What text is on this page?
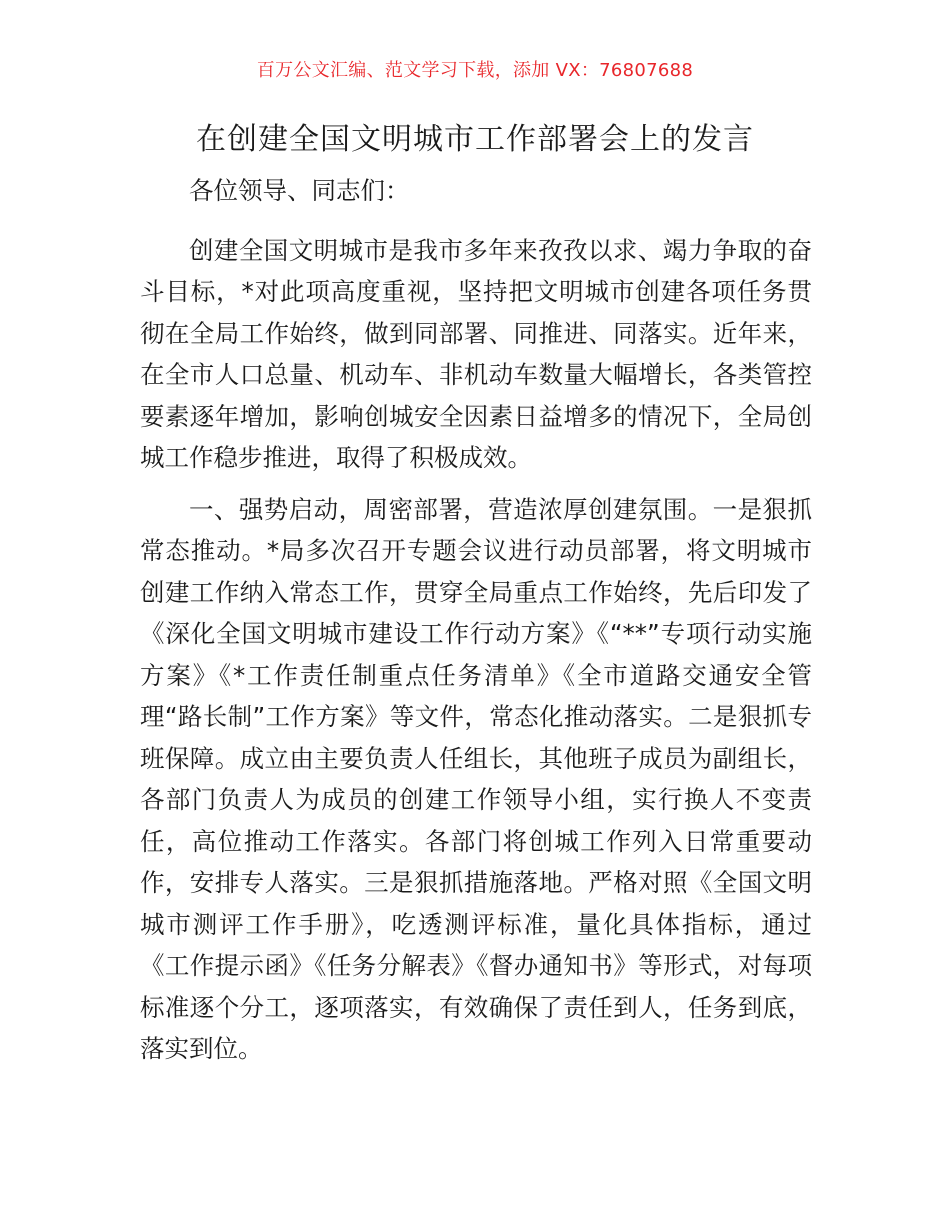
百万公文汇编、范文学习下载，添加 VX：76807688
在创建全国文明城市工作部署会上的发言

各位领导、同志们：

创建全国文明城市是我市多年来孜孜以求、竭力争取的奋斗目标，*对此项高度重视，坚持把文明城市创建各项任务贯彻在全局工作始终，做到同部署、同推进、同落实。近年来，在全市人口总量、机动车、非机动车数量大幅增长，各类管控要素逐年增加，影响创城安全因素日益增多的情况下，全局创城工作稳步推进，取得了积极成效。

一、强势启动，周密部署，营造浓厚创建氛围。一是狠抓常态推动。*局多次召开专题会议进行动员部署，将文明城市创建工作纳入常态工作，贯穿全局重点工作始终，先后印发了《深化全国文明城市建设工作行动方案》《“**”专项行动实施方案》《*工作责任制重点任务清单》《全市道路交通安全管理“路长制”工作方案》等文件，常态化推动落实。二是狠抓专班保障。成立由主要负责人任组长，其他班子成员为副组长，各部门负责人为成员的创建工作领导小组，实行换人不变责任，高位推动工作落实。各部门将创城工作列入日常重要动作，安排专人落实。三是狠抓措施落地。严格对照《全国文明城市测评工作手册》，吃透测评标准，量化具体指标，通过《工作提示函》《任务分解表》《督办通知书》等形式，对每项标准逐个分工，逐项落实，有效确保了责任到人，任务到底，落实到位。
